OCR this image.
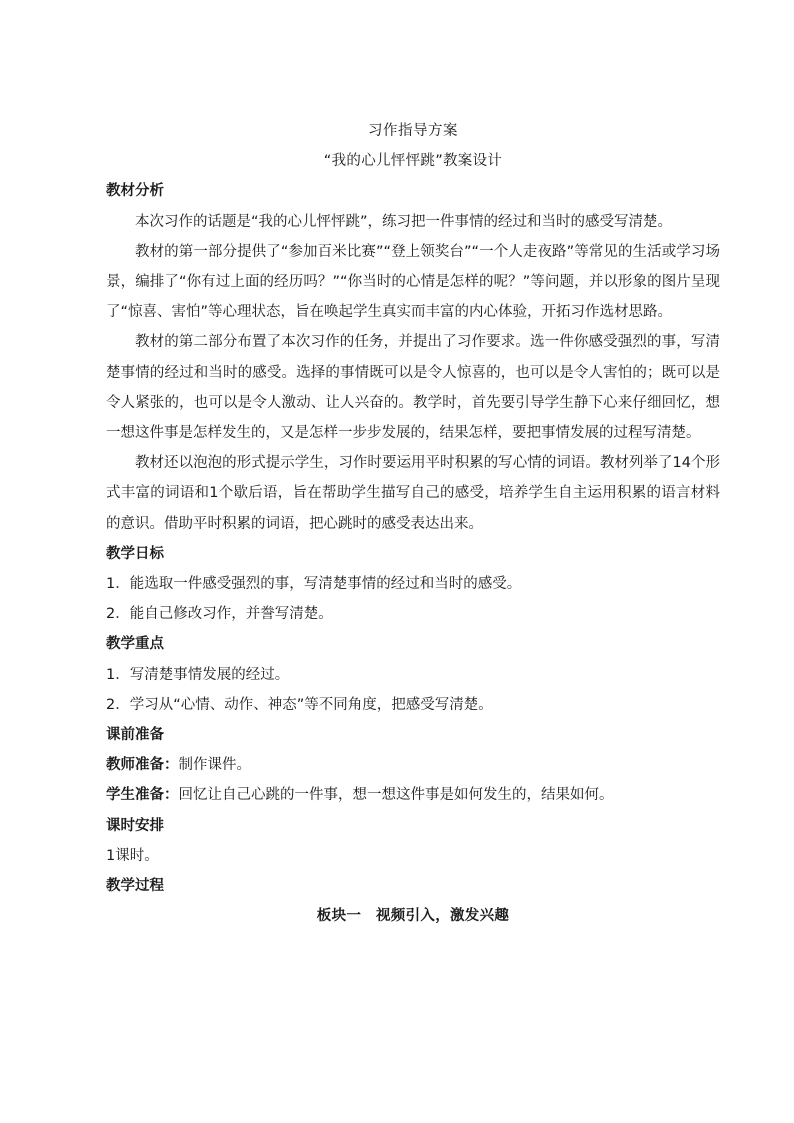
习作指导方案

“我的心儿怦怦跳”教案设计

教材分析

本次习作的话题是“我的心儿怦怦跳”，练习把一件事情的经过和当时的感受写清楚。

教材的第一部分提供了“参加百米比赛”“登上领奖台”“一个人走夜路”等常见的生活或学习场景，编排了“你有过上面的经历吗？”“你当时的心情是怎样的呢？”等问题，并以形象的图片呈现了“惊喜、害怕”等心理状态，旨在唤起学生真实而丰富的内心体验，开拓习作选材思路。

教材的第二部分布置了本次习作的任务，并提出了习作要求。选一件你感受强烈的事，写清楚事情的经过和当时的感受。选择的事情既可以是令人惊喜的，也可以是令人害怕的；既可以是令人紧张的，也可以是令人激动、让人兴奋的。教学时，首先要引导学生静下心来仔细回忆，想一想这件事是怎样发生的，又是怎样一步步发展的，结果怎样，要把事情发展的过程写清楚。

教材还以泡泡的形式提示学生，习作时要运用平时积累的写心情的词语。教材列举了14个形式丰富的词语和1个歇后语，旨在帮助学生描写自己的感受，培养学生自主运用积累的语言材料的意识。借助平时积累的词语，把心跳时的感受表达出来。

教学日标

1．能选取一件感受强烈的事，写清楚事情的经过和当时的感受。

2．能自己修改习作，并誊写清楚。

教学重点

1．写清楚事情发展的经过。

2．学习从“心情、动作、神态”等不同角度，把感受写清楚。

课前准备

教师准备：制作课件。

学生准备：回忆让自己心跳的一件事，想一想这件事是如何发生的，结果如何。

课时安排

1课时。

教学过程

板块一　视频引入，激发兴趣
